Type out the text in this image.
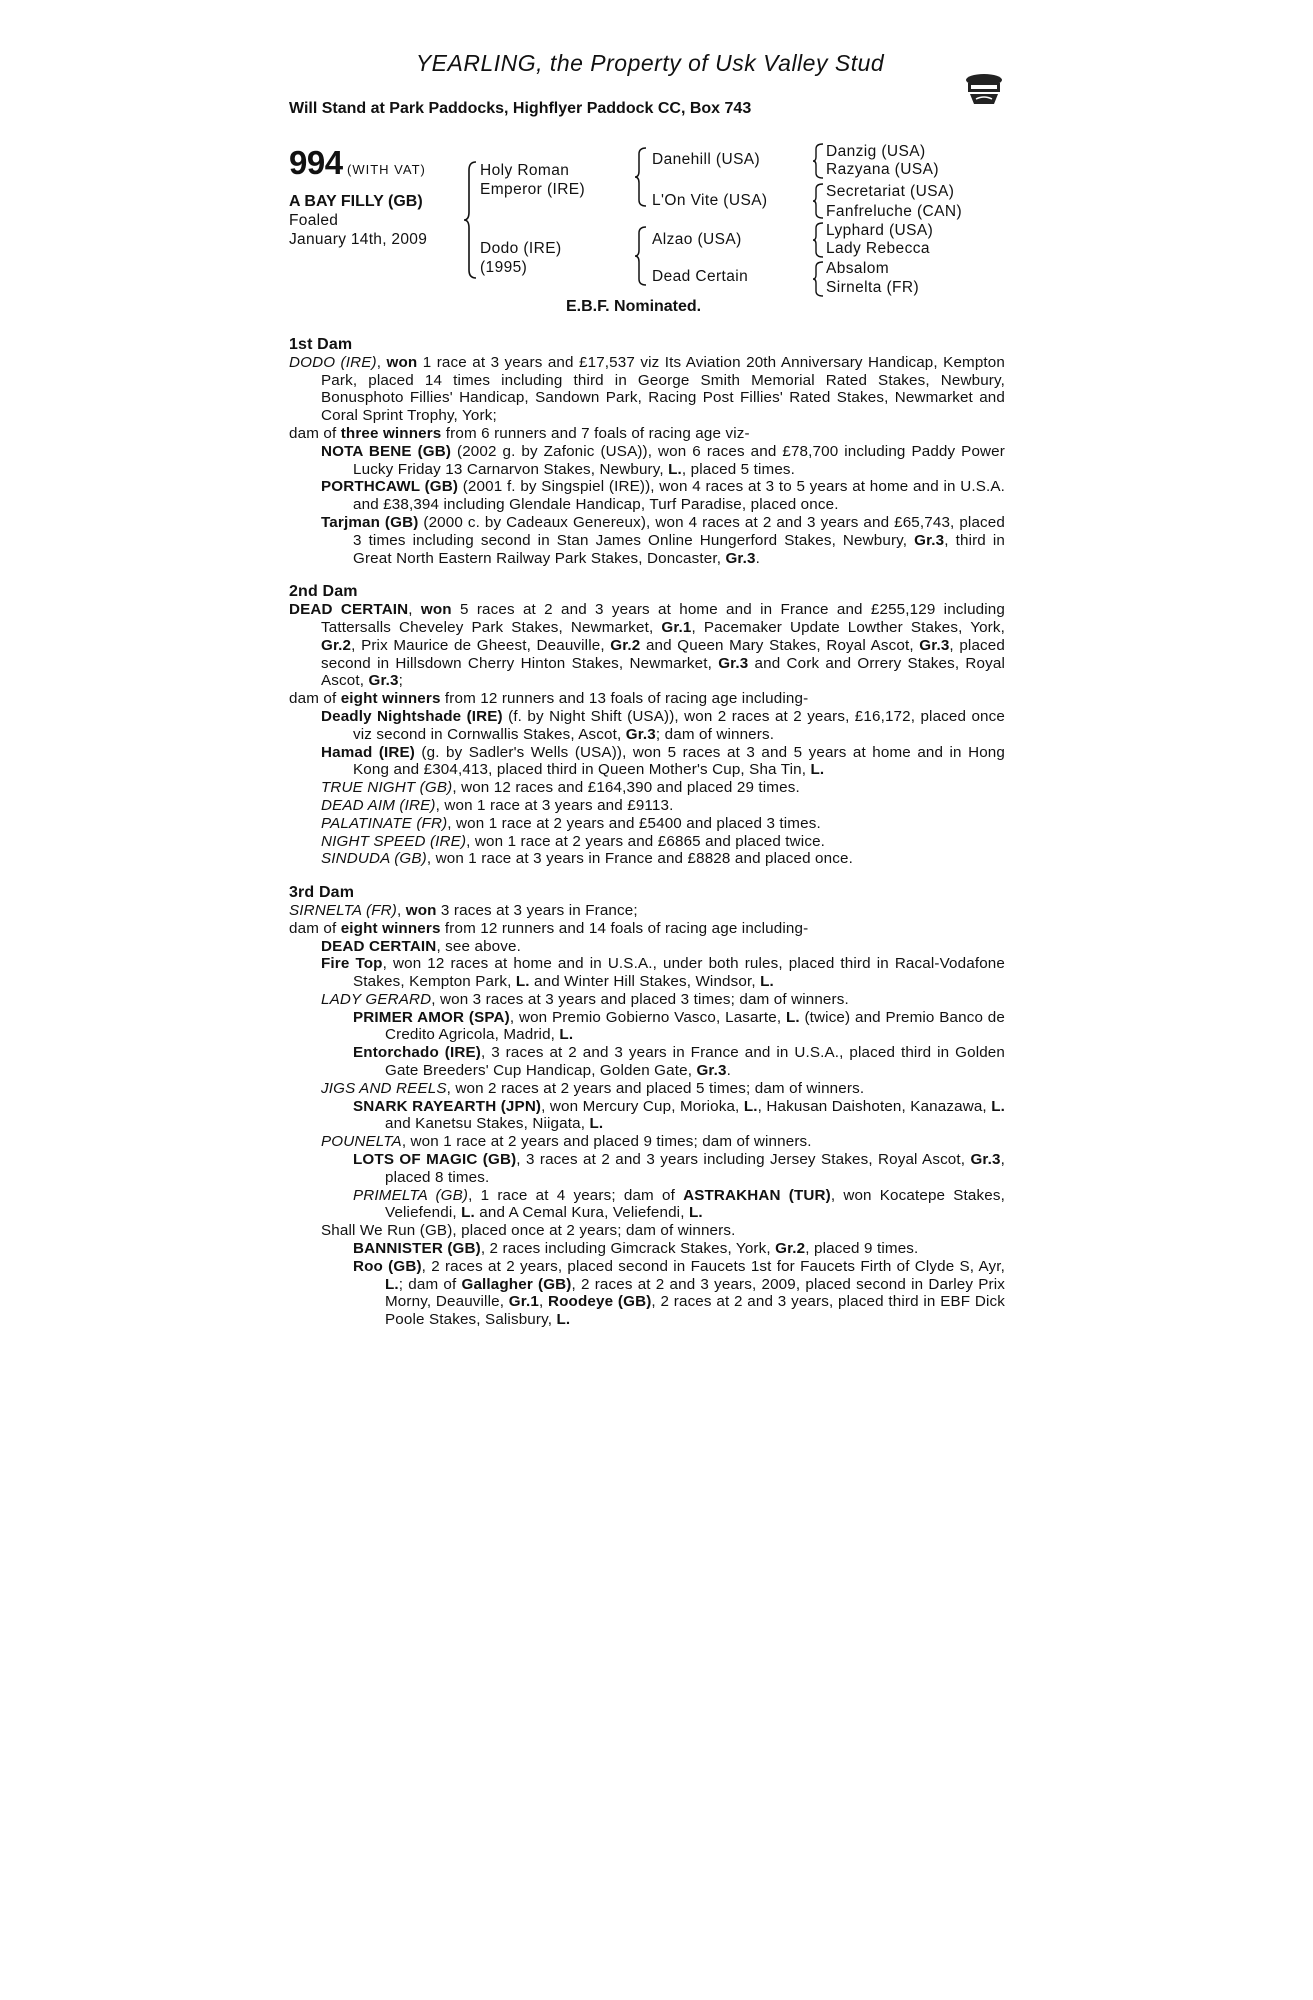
YEARLING, the Property of Usk Valley Stud
Will Stand at Park Paddocks, Highflyer Paddock CC, Box 743
994 (WITH VAT)
A BAY FILLY (GB)
Foaled
January 14th, 2009
Holy Roman
Emperor (IRE)
Dodo (IRE)
(1995)
Danehill (USA)
L'On Vite (USA)
Alzao (USA)
Dead Certain
Danzig (USA)
Razyana (USA)
Secretariat (USA)
Fanfreluche (CAN)
Lyphard (USA)
Lady Rebecca
Absalom
Sirnelta (FR)
E.B.F. Nominated.
1st Dam

DODO (IRE), won 1 race at 3 years and £17,537 viz Its Aviation 20th Anniversary Handicap, Kempton Park, placed 14 times including third in George Smith Memorial Rated Stakes, Newbury, Bonusphoto Fillies' Handicap, Sandown Park, Racing Post Fillies' Rated Stakes, Newmarket and Coral Sprint Trophy, York;

dam of three winners from 6 runners and 7 foals of racing age viz-

NOTA BENE (GB) (2002 g. by Zafonic (USA)), won 6 races and £78,700 including Paddy Power Lucky Friday 13 Carnarvon Stakes, Newbury, L., placed 5 times.

PORTHCAWL (GB) (2001 f. by Singspiel (IRE)), won 4 races at 3 to 5 years at home and in U.S.A. and £38,394 including Glendale Handicap, Turf Paradise, placed once.

Tarjman (GB) (2000 c. by Cadeaux Genereux), won 4 races at 2 and 3 years and £65,743, placed 3 times including second in Stan James Online Hungerford Stakes, Newbury, Gr.3, third in Great North Eastern Railway Park Stakes, Doncaster, Gr.3.

2nd Dam

DEAD CERTAIN, won 5 races at 2 and 3 years at home and in France and £255,129 including Tattersalls Cheveley Park Stakes, Newmarket, Gr.1, Pacemaker Update Lowther Stakes, York, Gr.2, Prix Maurice de Gheest, Deauville, Gr.2 and Queen Mary Stakes, Royal Ascot, Gr.3, placed second in Hillsdown Cherry Hinton Stakes, Newmarket, Gr.3 and Cork and Orrery Stakes, Royal Ascot, Gr.3;

dam of eight winners from 12 runners and 13 foals of racing age including-

Deadly Nightshade (IRE) (f. by Night Shift (USA)), won 2 races at 2 years, £16,172, placed once viz second in Cornwallis Stakes, Ascot, Gr.3; dam of winners.

Hamad (IRE) (g. by Sadler's Wells (USA)), won 5 races at 3 and 5 years at home and in Hong Kong and £304,413, placed third in Queen Mother's Cup, Sha Tin, L.

TRUE NIGHT (GB), won 12 races and £164,390 and placed 29 times.

DEAD AIM (IRE), won 1 race at 3 years and £9113.

PALATINATE (FR), won 1 race at 2 years and £5400 and placed 3 times.

NIGHT SPEED (IRE), won 1 race at 2 years and £6865 and placed twice.

SINDUDA (GB), won 1 race at 3 years in France and £8828 and placed once.

3rd Dam

SIRNELTA (FR), won 3 races at 3 years in France;

dam of eight winners from 12 runners and 14 foals of racing age including-

DEAD CERTAIN, see above.

Fire Top, won 12 races at home and in U.S.A., under both rules, placed third in Racal-Vodafone Stakes, Kempton Park, L. and Winter Hill Stakes, Windsor, L.

LADY GERARD, won 3 races at 3 years and placed 3 times; dam of winners.

PRIMER AMOR (SPA), won Premio Gobierno Vasco, Lasarte, L. (twice) and Premio Banco de Credito Agricola, Madrid, L.

Entorchado (IRE), 3 races at 2 and 3 years in France and in U.S.A., placed third in Golden Gate Breeders' Cup Handicap, Golden Gate, Gr.3.

JIGS AND REELS, won 2 races at 2 years and placed 5 times; dam of winners.

SNARK RAYEARTH (JPN), won Mercury Cup, Morioka, L., Hakusan Daishoten, Kanazawa, L. and Kanetsu Stakes, Niigata, L.

POUNELTA, won 1 race at 2 years and placed 9 times; dam of winners.

LOTS OF MAGIC (GB), 3 races at 2 and 3 years including Jersey Stakes, Royal Ascot, Gr.3, placed 8 times.

PRIMELTA (GB), 1 race at 4 years; dam of ASTRAKHAN (TUR), won Kocatepe Stakes, Veliefendi, L. and A Cemal Kura, Veliefendi, L.

Shall We Run (GB), placed once at 2 years; dam of winners.

BANNISTER (GB), 2 races including Gimcrack Stakes, York, Gr.2, placed 9 times.

Roo (GB), 2 races at 2 years, placed second in Faucets 1st for Faucets Firth of Clyde S, Ayr, L.; dam of Gallagher (GB), 2 races at 2 and 3 years, 2009, placed second in Darley Prix Morny, Deauville, Gr.1, Roodeye (GB), 2 races at 2 and 3 years, placed third in EBF Dick Poole Stakes, Salisbury, L.
